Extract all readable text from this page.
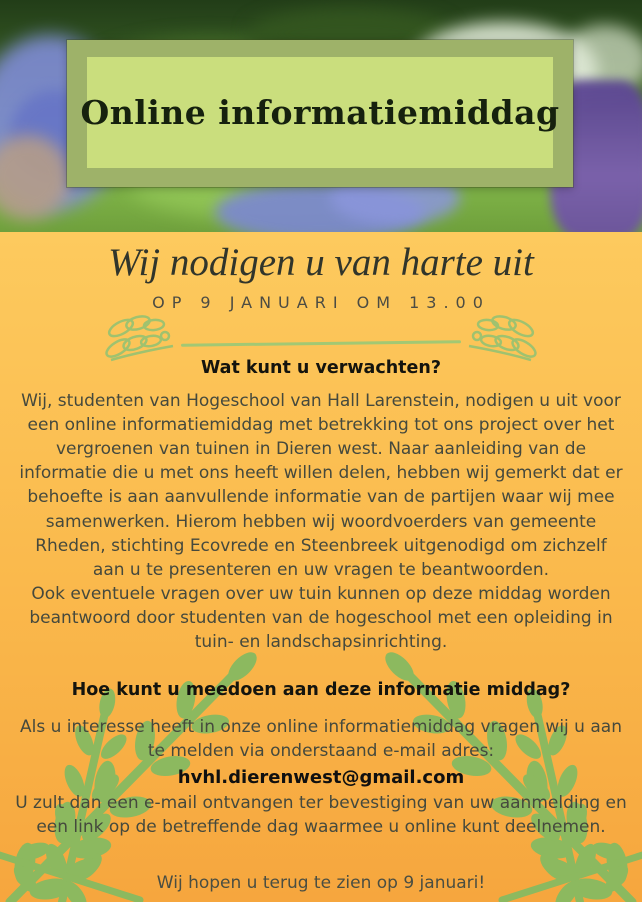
Online informatiemiddag
Wij nodigen u van harte uit
OP 9 JANUARI OM 13.00
Wat kunt u verwachten?

Wij, studenten van Hogeschool van Hall Larenstein, nodigen u uit voor een online informatiemiddag met betrekking tot ons project over het vergroenen van tuinen in Dieren west. Naar aanleiding van de informatie die u met ons heeft willen delen, hebben wij gemerkt dat er behoefte is aan aanvullende informatie van de partijen waar wij mee samenwerken. Hierom hebben wij woordvoerders van gemeente Rheden, stichting Ecovrede en Steenbreek uitgenodigd om zichzelf aan u te presenteren en uw vragen te beantwoorden.

Ook eventuele vragen over uw tuin kunnen op deze middag worden beantwoord door studenten van de hogeschool met een opleiding in tuin- en landschapsinrichting.

Hoe kunt u meedoen aan deze informatie middag?

Als u interesse heeft in onze online informatiemiddag vragen wij u aan te melden via onderstaand e-mail adres:

hvhl.dierenwest@gmail.com

U zult dan een e-mail ontvangen ter bevestiging van uw aanmelding en een link op de betreffende dag waarmee u online kunt deelnemen.

Wij hopen u terug te zien op 9 januari!
